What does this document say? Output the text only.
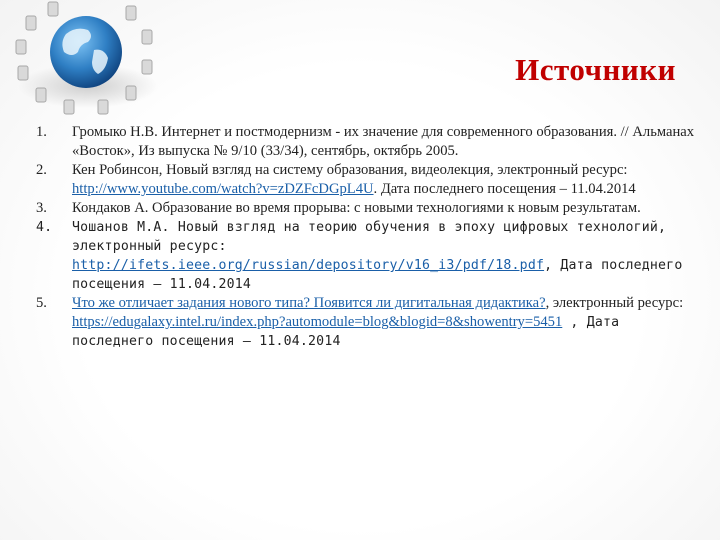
Источники
1.	Громыко Н.В. Интернет и постмодернизм - их значение для современного образования. // Альманах «Восток», Из выпуска № 9/10 (33/34), сентябрь, октябрь 2005.
2.	Кен Робинсон, Новый взгляд на систему образования, видеолекция, электронный ресурс: http://www.youtube.com/watch?v=zDZFcDGpL4U. Дата последнего посещения – 11.04.2014
3.	Кондаков А. Образование во время прорыва: с новыми технологиями к новым результатам.
4.	Чошанов М.А. Новый взгляд на теорию обучения в эпоху цифровых технологий, электронный ресурс: http://ifets.ieee.org/russian/depository/v16_i3/pdf/18.pdf, Дата последнего посещения – 11.04.2014
5.	Что же отличает задания нового типа? Появится ли дигитальная дидактика?, электронный ресурс: https://edugalaxy.intel.ru/index.php?automodule=blog&blogid=8&showentry=5451 , Дата последнего посещения – 11.04.2014
